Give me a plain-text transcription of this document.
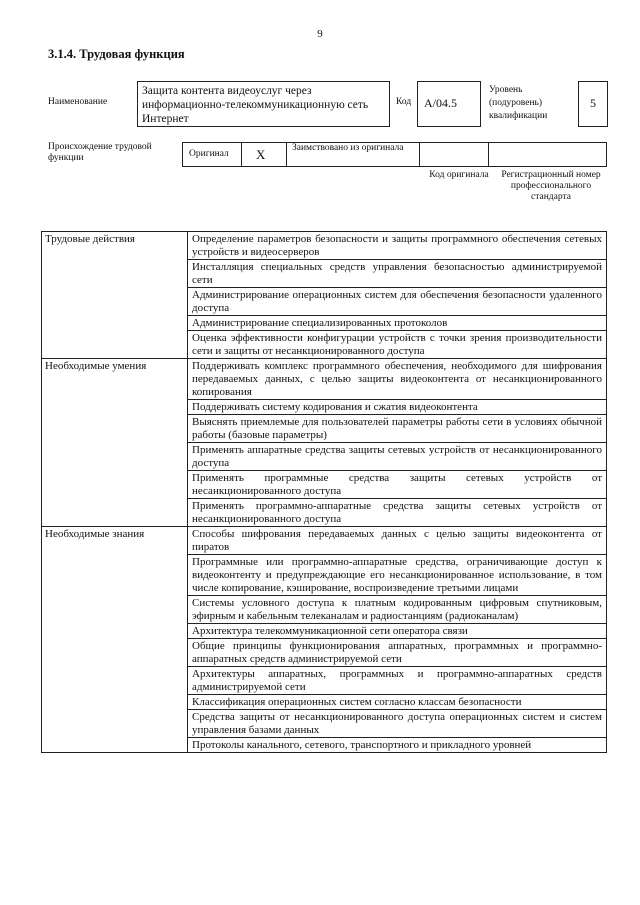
9
3.1.4. Трудовая функция
Наименование
Защита контента видеоуслуг через информационно-телекоммуникационную сеть Интернет
Код	А/04.5
Уровень (подуровень) квалификации
5
Происхождение трудовой функции	Оригинал	X	Заимствовано из оригинала
Код оригинала	Регистрационный номер профессионального стандарта
Трудовые действия	Определение параметров безопасности и защиты программного обеспечения сетевых устройств и видеосерверов
	Инсталляция специальных средств управления безопасностью администрируемой сети
	Администрирование операционных систем для обеспечения безопасности удаленного доступа
	Администрирование специализированных протоколов
	Оценка эффективности конфигурации устройств с точки зрения производительности сети и защиты от несанкционированного доступа
Необходимые умения	Поддерживать комплекс программного обеспечения, необходимого для шифрования передаваемых данных, с целью защиты видеоконтента от несанкционированного копирования
	Поддерживать систему кодирования и сжатия видеоконтента
	Выяснять приемлемые для пользователей параметры работы сети в условиях обычной работы (базовые параметры)
	Применять аппаратные средства защиты сетевых устройств от несанкционированного доступа
	Применять программные средства защиты сетевых устройств от несанкционированного доступа
	Применять программно-аппаратные средства защиты сетевых устройств от несанкционированного доступа
Необходимые знания	Способы шифрования передаваемых данных с целью защиты видеоконтента от пиратов
	Программные или программно-аппаратные средства, ограничивающие доступ к видеоконтенту и предупреждающие его несанкционированное использование, в том числе копирование, кэширование, воспроизведение третьими лицами
	Системы условного доступа к платным кодированным цифровым спутниковым, эфирным и кабельным телеканалам и радиостанциям (радиоканалам)
	Архитектура телекоммуникационной сети оператора связи
	Общие принципы функционирования аппаратных, программных и программно-аппаратных средств администрируемой сети
	Архитектуры аппаратных, программных и программно-аппаратных средств администрируемой сети
	Классификация операционных систем согласно классам безопасности
	Средства защиты от несанкционированного доступа операционных систем и систем управления базами данных
	Протоколы канального, сетевого, транспортного и прикладного уровней
